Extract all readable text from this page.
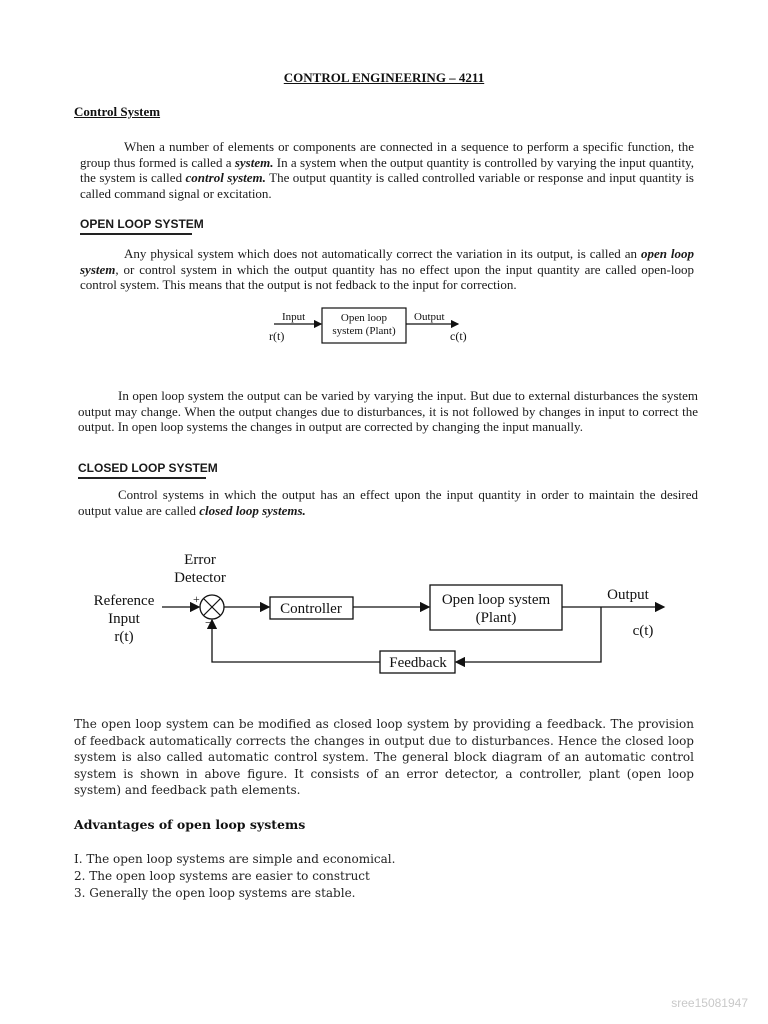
CONTROL ENGINEERING – 4211
Control System

When a number of elements or components are connected in a sequence to perform a specific function, the group thus formed is called a system. In a system when the output quantity is controlled by varying the input quantity, the system is called control system. The output quantity is called controlled variable or response and input quantity is called command signal or excitation.

OPEN LOOP SYSTEM

Any physical system which does not automatically correct the variation in its output, is called an open loop system, or control system in which the output quantity has no effect upon the input quantity are called open-loop control system. This means that the output is not fedback to the input for correction.

Input
r(t)
Open loop
system (Plant)
Output
c(t)

In open loop system the output can be varied by varying the input. But due to external disturbances the system output may change. When the output changes due to disturbances, it is not followed by changes in input to correct the output. In open loop systems the changes in output are corrected by changing the input manually.

CLOSED LOOP SYSTEM

Control systems in which the output has an effect upon the input quantity in order to maintain the desired output value are called closed loop systems.

Error
Detector
Reference
Input
r(t)
+
−
Controller
Open loop system
(Plant)
Output
c(t)
Feedback
The open loop system can be modified as closed loop system by providing a feedback. The provision of feedback automatically corrects the changes in output due to disturbances. Hence the closed loop system is also called automatic control system. The general block diagram of an automatic control system is shown in above figure. It consists of an error detector, a controller, plant (open loop system) and feedback path elements.
Advantages of open loop systems
I. The open loop systems are simple and economical.
2. The open loop systems are easier to construct
3. Generally the open loop systems are stable.
sree15081947
